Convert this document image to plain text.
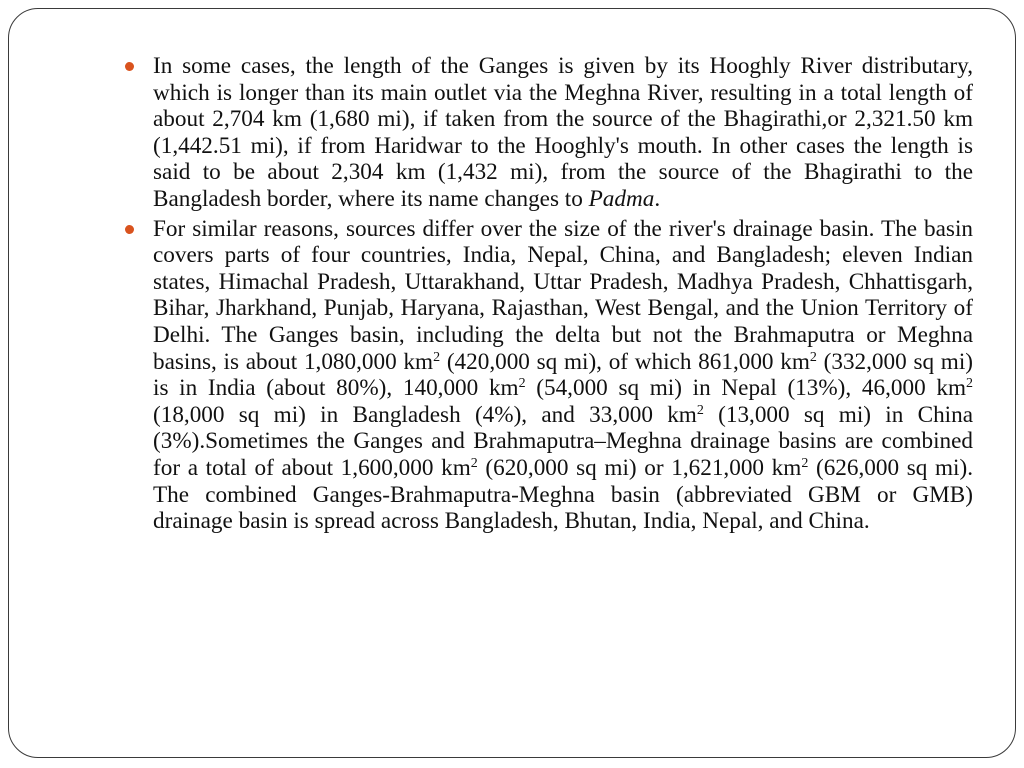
In some cases, the length of the Ganges is given by its Hooghly River distributary, which is longer than its main outlet via the Meghna River, resulting in a total length of about 2,704 km (1,680 mi), if taken from the source of the Bhagirathi,or 2,321.50 km (1,442.51 mi), if from Haridwar to the Hooghly's mouth. In other cases the length is said to be about 2,304 km (1,432 mi), from the source of the Bhagirathi to the Bangladesh border, where its name changes to Padma.
For similar reasons, sources differ over the size of the river's drainage basin. The basin covers parts of four countries, India, Nepal, China, and Bangladesh; eleven Indian states, Himachal Pradesh, Uttarakhand, Uttar Pradesh, Madhya Pradesh, Chhattisgarh, Bihar, Jharkhand, Punjab, Haryana, Rajasthan, West Bengal, and the Union Territory of Delhi. The Ganges basin, including the delta but not the Brahmaputra or Meghna basins, is about 1,080,000 $km^2$ (420,000 sq mi), of which 861,000 $km^2$ (332,000 sq mi) is in India (about 80%), 140,000 $km^2$ (54,000 sq mi) in Nepal (13%), 46,000 $km^2$ (18,000 sq mi) in Bangladesh (4%), and 33,000 $km^2$ (13,000 sq mi) in China (3%).Sometimes the Ganges and Brahmaputra–Meghna drainage basins are combined for a total of about 1,600,000 $km^2$ (620,000 sq mi) or 1,621,000 $km^2$ (626,000 sq mi). The combined Ganges-Brahmaputra-Meghna basin (abbreviated GBM or GMB) drainage basin is spread across Bangladesh, Bhutan, India, Nepal, and China.
